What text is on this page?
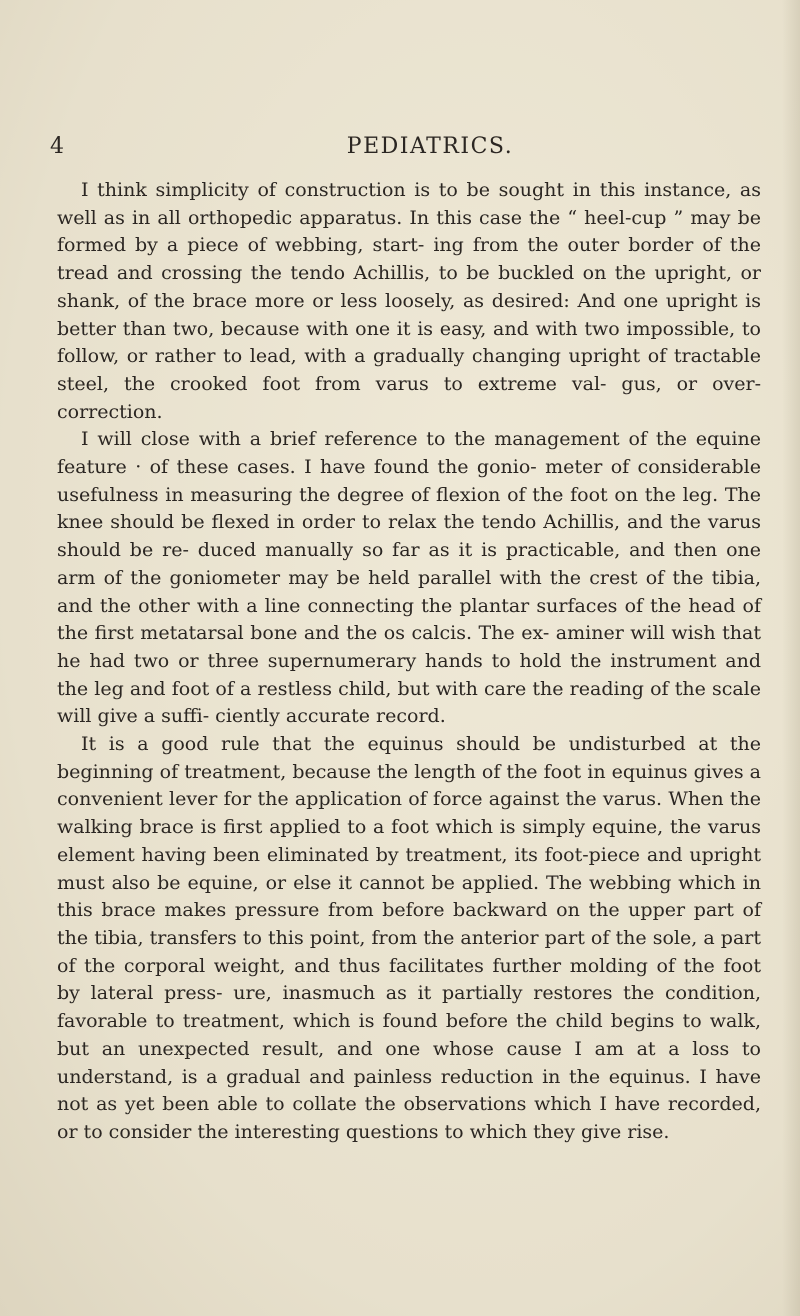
4	PEDIATRICS.

I think simplicity of construction is to be sought in this instance, as well as in all orthopedic apparatus. In this case the “ heel-cup ” may be formed by a piece of webbing, start- ing from the outer border of the tread and crossing the tendo Achillis, to be buckled on the upright, or shank, of the brace more or less loosely, as desired: And one upright is better than two, because with one it is easy, and with two impossible, to follow, or rather to lead, with a gradually changing upright of tractable steel, the crooked foot from varus to extreme val- gus, or over-correction.

I will close with a brief reference to the management of the equine feature · of these cases. I have found the gonio- meter of considerable usefulness in measuring the degree of flexion of the foot on the leg. The knee should be flexed in order to relax the tendo Achillis, and the varus should be re- duced manually so far as it is practicable, and then one arm of the goniometer may be held parallel with the crest of the tibia, and the other with a line connecting the plantar surfaces of the head of the first metatarsal bone and the os calcis. The ex- aminer will wish that he had two or three supernumerary hands to hold the instrument and the leg and foot of a restless child, but with care the reading of the scale will give a suffi- ciently accurate record.

It is a good rule that the equinus should be undisturbed at the beginning of treatment, because the length of the foot in equinus gives a convenient lever for the application of force against the varus. When the walking brace is first applied to a foot which is simply equine, the varus element having been eliminated by treatment, its foot-piece and upright must also be equine, or else it cannot be applied. The webbing which in this brace makes pressure from before backward on the upper part of the tibia, transfers to this point, from the anterior part of the sole, a part of the corporal weight, and thus facilitates further molding of the foot by lateral press- ure, inasmuch as it partially restores the condition, favorable to treatment, which is found before the child begins to walk, but an unexpected result, and one whose cause I am at a loss to understand, is a gradual and painless reduction in the equinus. I have not as yet been able to collate the observations which I have recorded, or to consider the interesting questions to which they give rise.
